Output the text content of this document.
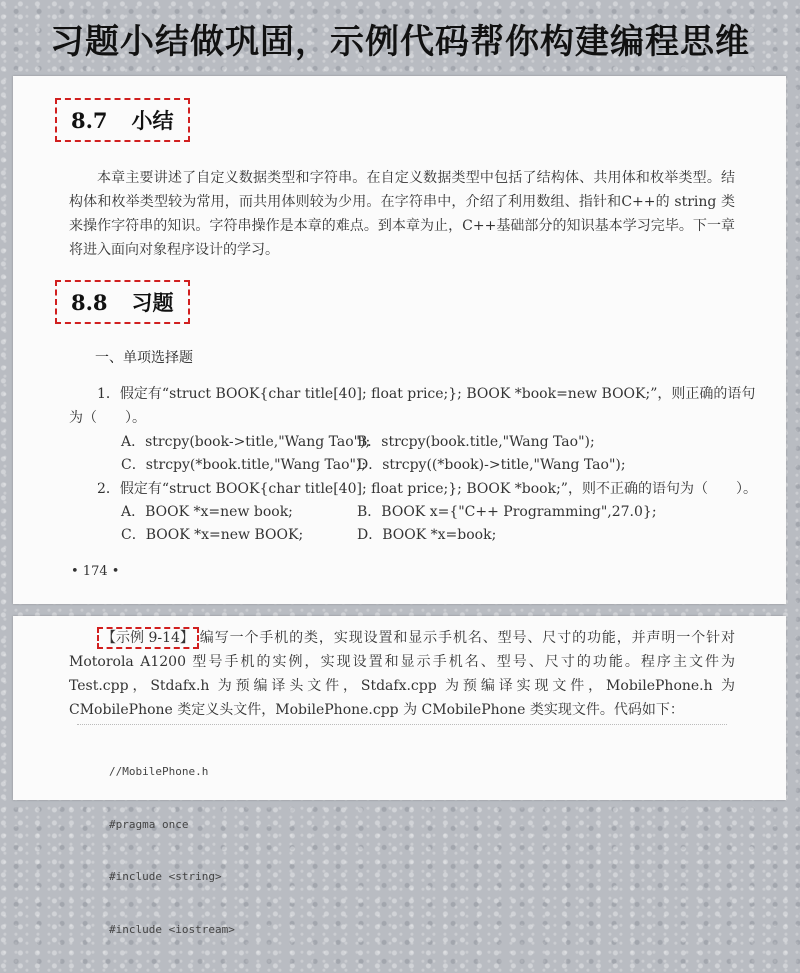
习题小结做巩固，示例代码帮你构建编程思维
8.7 小结
本章主要讲述了自定义数据类型和字符串。在自定义数据类型中包括了结构体、共用体和枚举类型。结构体和枚举类型较为常用，而共用体则较为少用。在字符串中，介绍了利用数组、指针和C++的 string 类来操作字符串的知识。字符串操作是本章的难点。到本章为止，C++基础部分的知识基本学习完毕。下一章将进入面向对象程序设计的学习。
8.8 习题
一、单项选择题
1．假定有“struct BOOK{char title[40]; float price;}; BOOK *book=new BOOK;”，则正确的语句
为（　　）。
A．strcpy(book->title,"Wang Tao");
B．strcpy(book.title,"Wang Tao");
C．strcpy(*book.title,"Wang Tao");
D．strcpy((*book)->title,"Wang Tao");
2．假定有“struct BOOK{char title[40]; float price;}; BOOK *book;”，则不正确的语句为（　　）。
A．BOOK *x=new book;	B．BOOK x={"C++ Programming",27.0};
C．BOOK *x=new BOOK;	D．BOOK *x=book;
• 174 •
【示例 9-14】 编写一个手机的类，实现设置和显示手机名、型号、尺寸的功能，并声明一个针对 Motorola A1200 型号手机的实例，实现设置和显示手机名、型号、尺寸的功能。程序主文件为 Test.cpp，Stdafx.h 为预编译头文件，Stdafx.cpp 为预编译实现文件，MobilePhone.h 为 CMobilePhone 类定义头文件，MobilePhone.cpp 为 CMobilePhone 类实现文件。代码如下：

//MobilePhone.h

#pragma once

#include <string>

#include <iostream>
